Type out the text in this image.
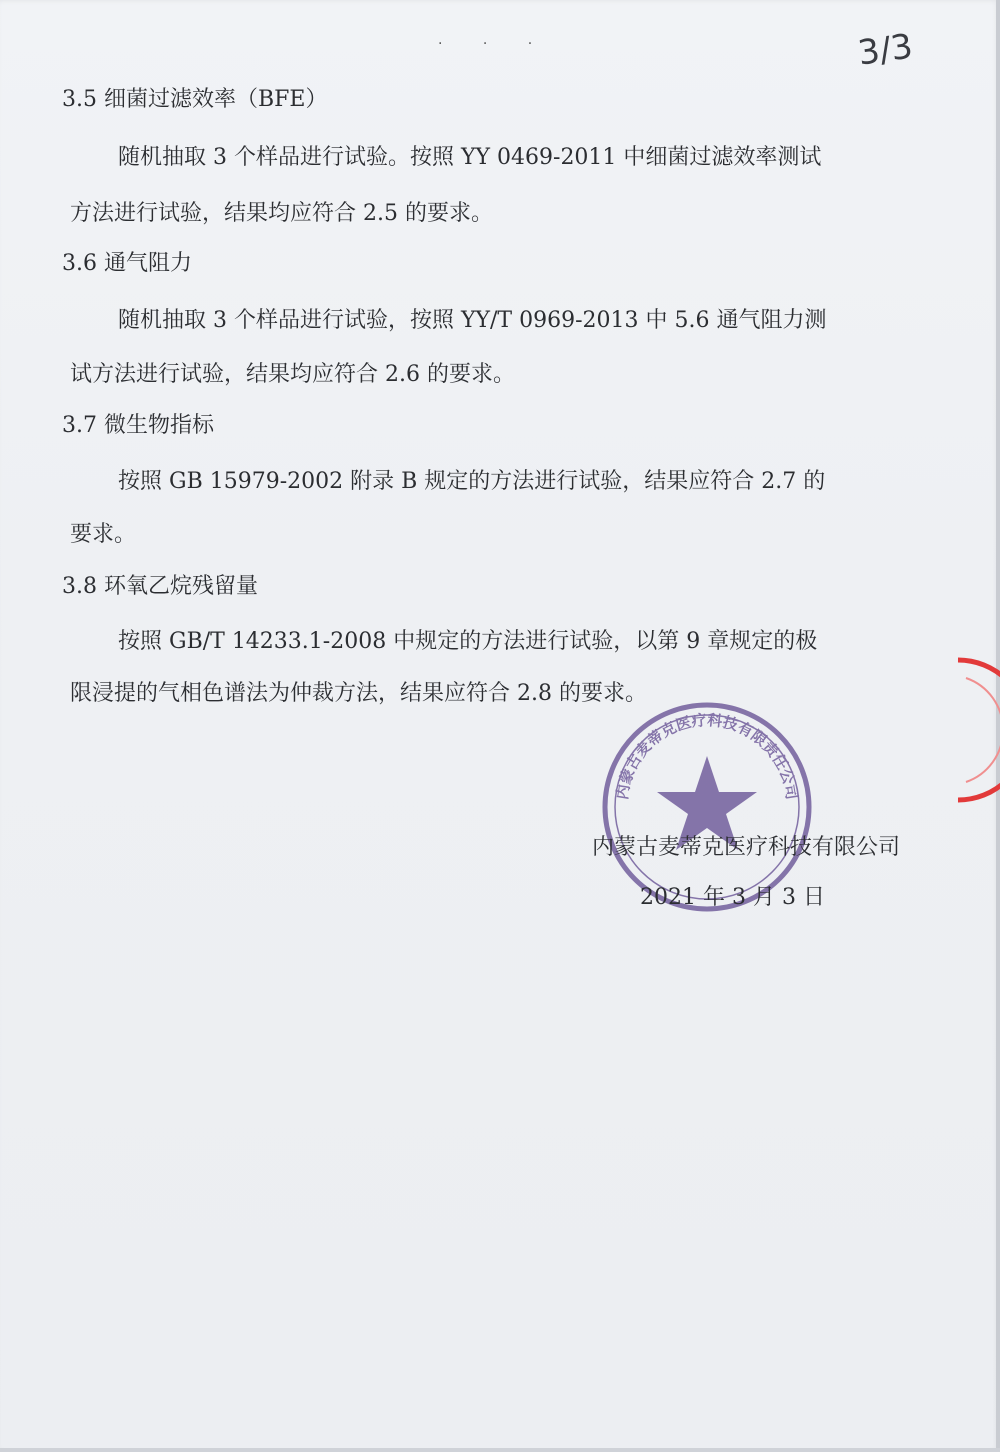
· · ·	3/3
3.5 细菌过滤效率（BFE）
随机抽取 3 个样品进行试验。按照 YY 0469-2011 中细菌过滤效率测试
方法进行试验，结果均应符合 2.5 的要求。
3.6 通气阻力
随机抽取 3 个样品进行试验，按照 YY/T 0969-2013 中 5.6 通气阻力测
试方法进行试验，结果均应符合 2.6 的要求。
3.7 微生物指标
按照 GB 15979-2002 附录 B 规定的方法进行试验，结果应符合 2.7 的
要求。
3.8 环氧乙烷残留量
按照 GB/T 14233.1-2008 中规定的方法进行试验，以第 9 章规定的极
限浸提的气相色谱法为仲裁方法，结果应符合 2.8 的要求。
内蒙古麦蒂克医疗科技有限责任公司
内蒙古麦蒂克医疗科技有限公司
2021 年 3 月 3 日
